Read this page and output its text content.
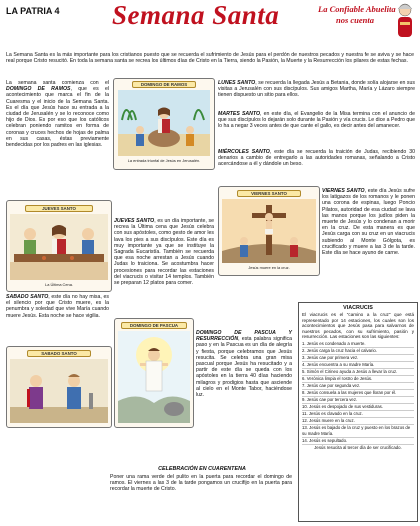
LA PATRIA 4 Semana Santa	La Confiable Abuelita
nos cuenta
La Semana Santa es la más importante para los cristianos puesto que se recuerda el sufrimiento de Jesús para el perdón de nuestros pecados y nuestra fe se aviva y se hace real porque Cristo resucitó. En toda la semana santa se recrea los últimos días de Cristo en la Tierra, siendo la Pasión, la Muerte y la Resurrección los pilares de estas fechas.
La semana santa comienza con el DOMINGO DE RAMOS, que es el acontecimiento que marca el fin de la Cuaresma y el inicio de la Semana Santa. Es el día que Jesús hace su entrada a la ciudad de Jerusalén y se lo reconoce como hijo de Dios. Es por eso que los católicos celebran poniendo ramitos en forma de coronas y cruces hechos de hojas de palma en sus casas, éstas previamente bendecidas por los padres en las iglesias.
DOMINGO DE RAMOS
La entrada triunfal de Jesús en Jerusalén.
LUNES SANTO, se recuerda la llegada Jesús a Betania, donde solía alojarse en sus visitas a Jerusalén con sus discípulos. Sus amigos Martha, María y Lázaro siempre tienen dispuesto un sitio para ellos.
MARTES SANTO, en este día, el Evangelio de la Misa termina con el anuncio de que sus discípulos lo dejarán solo durante la Pasión y vía crucis. Le dice a Pedro que lo ha a negar 3 veces antes de que cante el gallo, es decir antes del amanecer.
MIÉRCOLES SANTO, este día se recuerda la traición de Judas, recibiendo 30 denarios a cambio de entregarlo a las autoridades romanas, señalando a Cristo acercándose a él y dándole un beso.
JUEVES SANTO
La Última Cena.
JUEVES SANTO, es un día importante, se recrea la Última cena que Jesús celebra con sus apóstoles, como gesto de amor les lava los pies a sus discípulos. Este día es muy importante ya que se instituye la Sagrada Eucaristía. También se recuerda que esa noche arrestan a Jesús cuando Judas lo traiciona. Se acostumbra hacer procesiones para recordar las estaciones del viacrucis o visitar 14 templos. También se preparan 12 platos para comer.
VIERNES SANTO
Jesús muere en la cruz.
VIERNES SANTO, este día Jesús sufre los latigazos de los romanos y le ponen una corona de espinas, luego Poncio Pilatos, autoridad de esa ciudad se lava las manos porque los judíos piden la muerte de Jesús y lo condenan a morir en la cruz. De esta manera es que Jesús carga con su cruz en un viacrucis subiendo al Monte Gólgota, es crucificado y muere a las 3 de la tarde. Este día se hace ayuno de carne.
SABADO SANTO, este día no hay misa, es el silencio por que Cristo muere, es la penumbra y soledad que vive María cuando muere Jesús. Esta noche se hace vigilia.
SABADO SANTO
DOMINGO DE PASCUA
DOMINGO DE PASCUA Y RESURRECCIÓN, esta palabra significa paso y en la Pascua es un día de alegría y fiesta, porque celebramos que Jesús resucita. Se celebra una gran misa pascual porque Jesús ha resucitado y a partir de este día se queda con los apóstoles en la tierra 40 días haciendo milagros y prodigios hasta que asciende al cielo en el Monte Tabor, haciéndose luz.
CELEBRACIÓN EN CUARENTENA
Poner una rama verde del pulito en la puerta para recordar el domingo de ramos. El viernes a las 3 de la tarde pongamos un crucifijo en la puerta para recordar la muerte de Cristo.
VIACRUCIS
El viacrucis es el "camino a la cruz" que está representado por 14 estaciones, los cuales son los acontecimientos que Jesús pasa para salvarnos de nuestros pecados, con su sufrimiento, pasión y resurrección. Las estaciones son las siguientes:
1. Jesús es condenado a muerte.
2. Jesús carga la cruz hacia el calvario.
3. Jesús cae por primera vez.
4. Jesús encuentra a su madre María.
5. Simón el Cirineo ayuda a Jesús a llevar la cruz.
6. Verónica limpia el rostro de Jesús.
7. Jesús cae por segunda vez.
8. Jesús consuela a las mujeres que lloran por él.
9. Jesús cae por tercera vez.
10. Jesús es despojado de sus vestiduras.
11. Jesús es clavado en la cruz.
12. Jesús muere en la cruz.
13. Jesús es bajado de la cruz y puesto en los brazos de su madre María.
14. Jesús es sepultado.
Jesús resucita al tercer día de ser crucificado.
